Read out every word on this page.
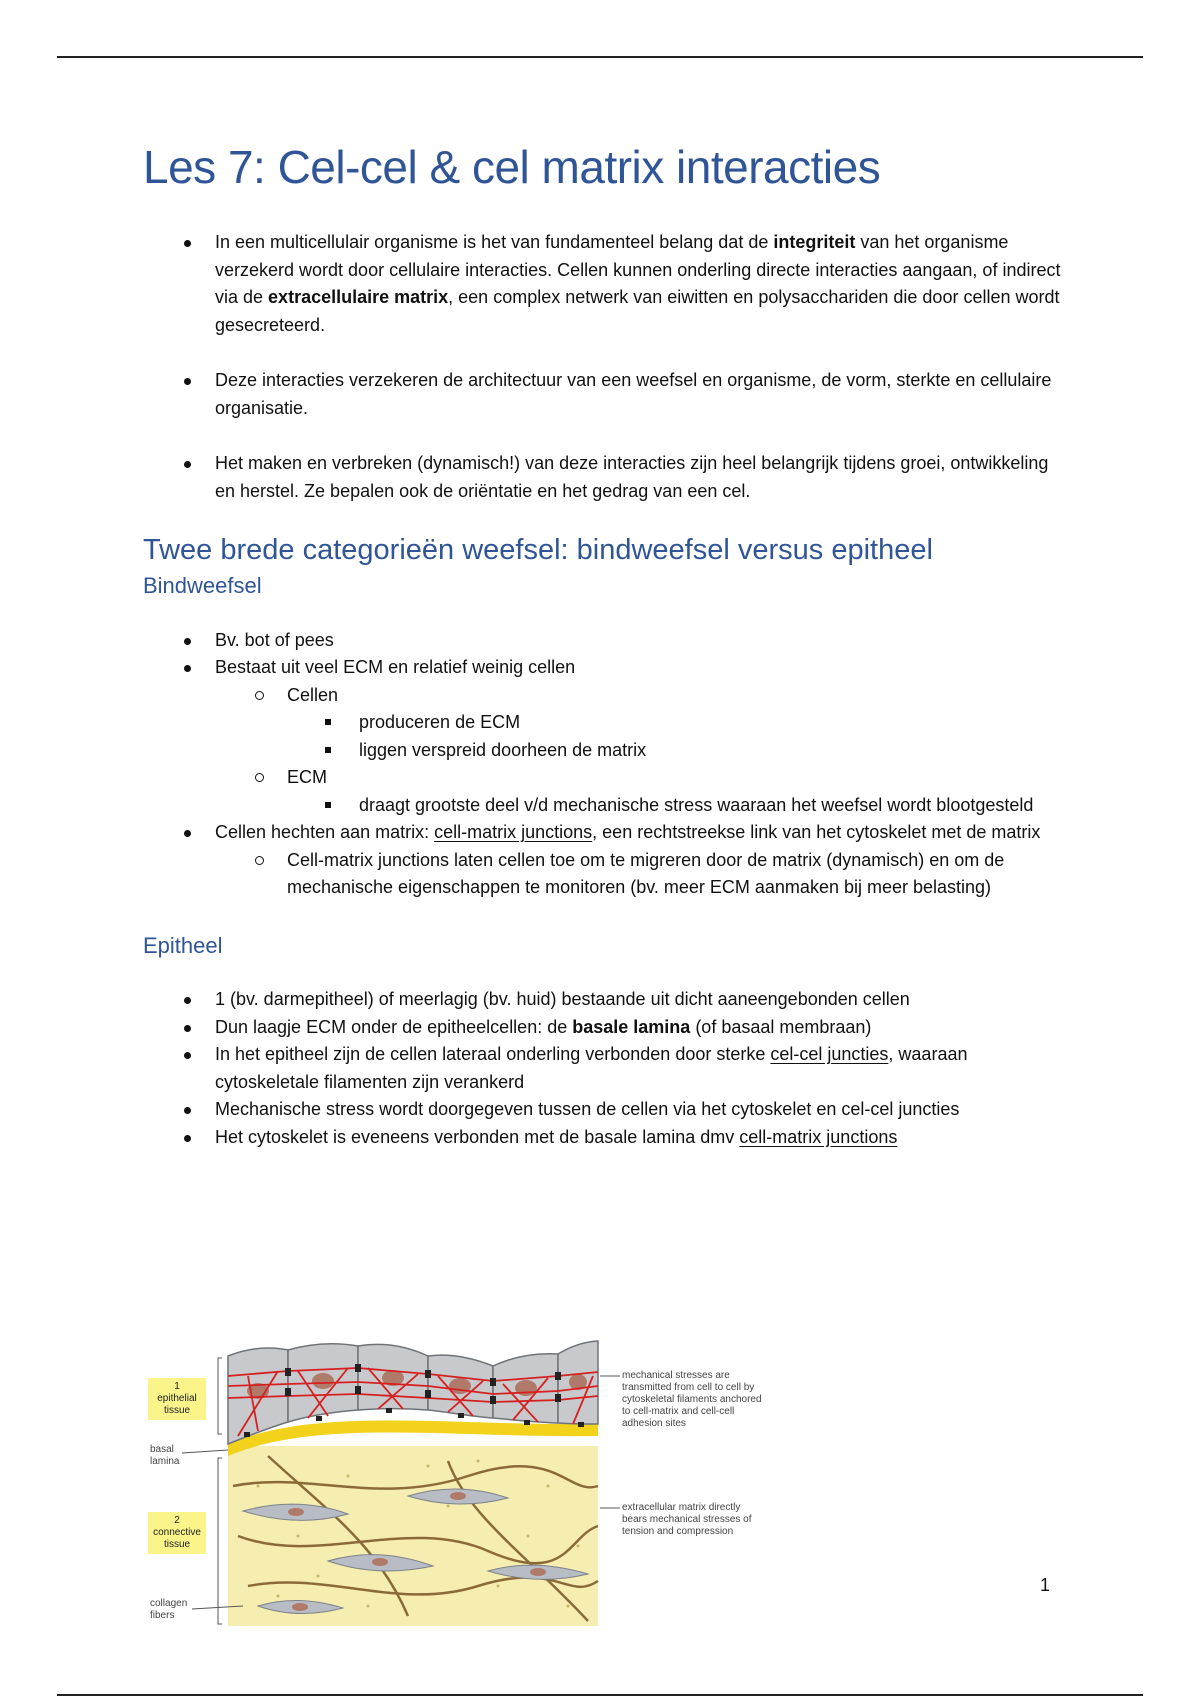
Les 7: Cel-cel & cel matrix interacties
In een multicellulair organisme is het van fundamenteel belang dat de integriteit van het organisme verzekerd wordt door cellulaire interacties. Cellen kunnen onderling directe interacties aangaan, of indirect via de extracellulaire matrix, een complex netwerk van eiwitten en polysacchariden die door cellen wordt gesecreteerd.
Deze interacties verzekeren de architectuur van een weefsel en organisme, de vorm, sterkte en cellulaire organisatie.
Het maken en verbreken (dynamisch!) van deze interacties zijn heel belangrijk tijdens groei, ontwikkeling en herstel. Ze bepalen ook de oriëntatie en het gedrag van een cel.
Twee brede categorieën weefsel: bindweefsel versus epitheel
Bindweefsel
Bv. bot of pees
Bestaat uit veel ECM en relatief weinig cellen
Cellen
produceren de ECM
liggen verspreid doorheen de matrix
ECM
draagt grootste deel v/d mechanische stress waaraan het weefsel wordt blootgesteld
Cellen hechten aan matrix: cell-matrix junctions, een rechtstreekse link van het cytoskelet met de matrix
Cell-matrix junctions laten cellen toe om te migreren door de matrix (dynamisch) en om de mechanische eigenschappen te monitoren (bv. meer ECM aanmaken bij meer belasting)
Epitheel
1 (bv. darmepitheel) of meerlagig (bv. huid) bestaande uit dicht aaneengebonden cellen
Dun laagje ECM onder de epitheelcellen: de basale lamina (of basaal membraan)
In het epitheel zijn de cellen lateraal onderling verbonden door sterke cel-cel juncties, waaraan cytoskeletale filamenten zijn verankerd
Mechanische stress wordt doorgegeven tussen de cellen via het cytoskelet en cel-cel juncties
Het cytoskelet is eveneens verbonden met de basale lamina dmv cell-matrix junctions
1
epithelial tissue
basal lamina
2
connective tissue
collagen fibers
mechanical stresses are transmitted from cell to cell by cytoskeletal filaments anchored to cell-matrix and cell-cell adhesion sites
extracellular matrix directly bears mechanical stresses of tension and compression
1
